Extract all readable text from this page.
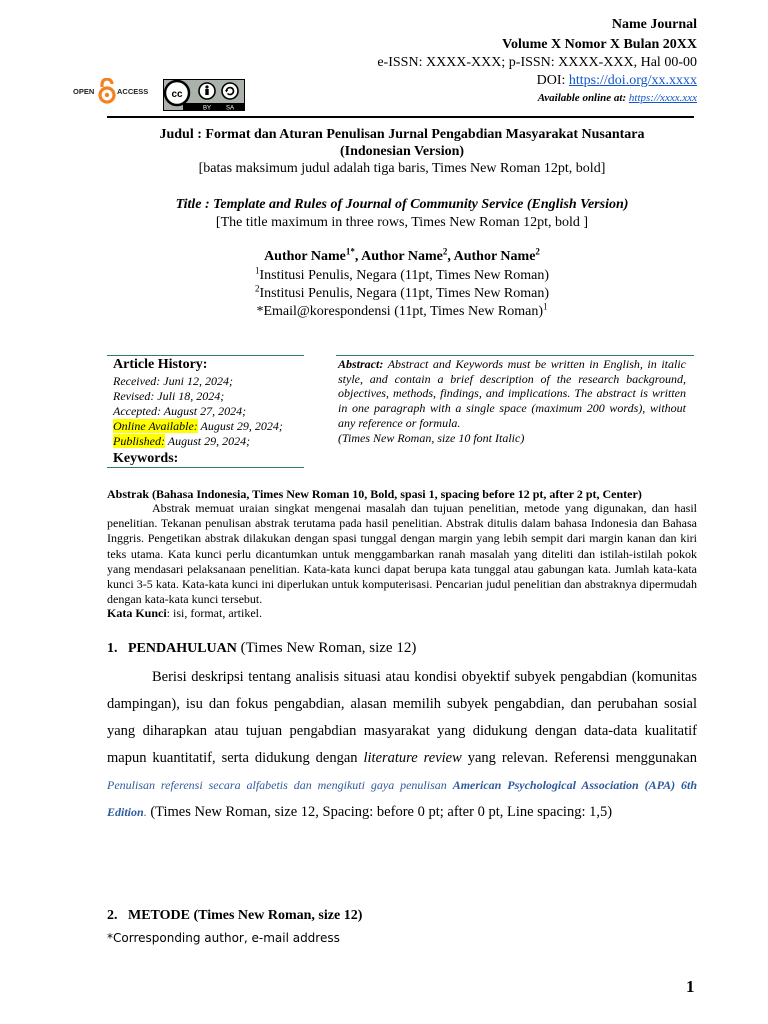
Name Journal
Volume X Nomor X Bulan 20XX
e-ISSN: XXXX-XXX; p-ISSN: XXXX-XXX, Hal 00-00
DOI: https://doi.org/xx.xxxx
Available online at: https://xxxx.xxx
OPEN	ACCESS cc
BY SA
Judul : Format dan Aturan Penulisan Jurnal Pengabdian Masyarakat Nusantara
(Indonesian Version)
[batas maksimum judul adalah tiga baris, Times New Roman 12pt, bold]
Title : Template and Rules of Journal of Community Service (English Version)
[The title maximum in three rows, Times New Roman 12pt, bold ]
Author Name$^{1*}$, Author Name$^2$, Author Name$^2$
$^1$Institusi Penulis, Negara (11pt, Times New Roman)
$^2$Institusi Penulis, Negara (11pt, Times New Roman)
*Email@korespondensi (11pt, Times New Roman)$^1$
Article History:
Received: Juni 12, 2024;
Revised: Juli 18, 2024;
Accepted: August 27, 2024;
Online Available: August 29, 2024;
Published: August 29, 2024;
Keywords:
Abstract: Abstract and Keywords must be written in English, in italic style, and contain a brief description of the research background, objectives, methods, findings, and implications. The abstract is written in one paragraph with a single space (maximum 200 words), without any reference or formula.
(Times New Roman, size 10 font Italic)
Abstrak (Bahasa Indonesia, Times New Roman 10, Bold, spasi 1, spacing before 12 pt, after 2 pt, Center)
Abstrak memuat uraian singkat mengenai masalah dan tujuan penelitian, metode yang digunakan, dan hasil penelitian. Tekanan penulisan abstrak terutama pada hasil penelitian. Abstrak ditulis dalam bahasa Indonesia dan Bahasa Inggris. Pengetikan abstrak dilakukan dengan spasi tunggal dengan margin yang lebih sempit dari margin kanan dan kiri teks utama. Kata kunci perlu dicantumkan untuk menggambarkan ranah masalah yang diteliti dan istilah-istilah pokok yang mendasari pelaksanaan penelitian. Kata-kata kunci dapat berupa kata tunggal atau gabungan kata. Jumlah kata-kata kunci 3-5 kata. Kata-kata kunci ini diperlukan untuk komputerisasi. Pencarian judul penelitian dan abstraknya dipermudah dengan kata-kata kunci tersebut.
Kata Kunci: isi, format, artikel.
1. PENDAHULUAN (Times New Roman, size 12)
Berisi deskripsi tentang analisis situasi atau kondisi obyektif subyek pengabdian (komunitas dampingan), isu dan fokus pengabdian, alasan memilih subyek pengabdian, dan perubahan sosial yang diharapkan atau tujuan pengabdian masyarakat yang didukung dengan data-data kualitatif mapun kuantitatif, serta didukung dengan literature review yang relevan. Referensi menggunakan Penulisan referensi secara alfabetis dan mengikuti gaya penulisan American Psychological Association (APA) 6th Edition. (Times New Roman, size 12, Spacing: before 0 pt; after 0 pt, Line spacing: 1,5)
2.   METODE (Times New Roman, size 12)
*Corresponding author, e-mail address
1
